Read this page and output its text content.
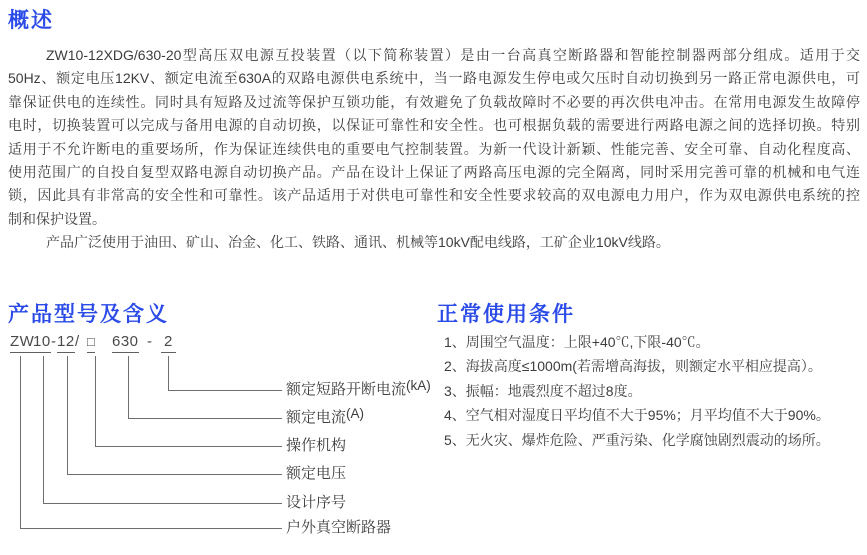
概述
ZW10-12XDG/630-20型高压双电源互投装置（以下简称装置）是由一台高真空断路器和智能控制器两部分组成。适用于交
50Hz、额定电压12KV、额定电流至630A的双路电源供电系统中，当一路电源发生停电或欠压时自动切换到另一路正常电源供电，可
靠保证供电的连续性。同时具有短路及过流等保护互锁功能，有效避免了负载故障时不必要的再次供电冲击。在常用电源发生故障停
电时，切换装置可以完成与备用电源的自动切换，以保证可靠性和安全性。也可根据负载的需要进行两路电源之间的选择切换。特别
适用于不允许断电的重要场所，作为保证连续供电的重要电气控制装置。为新一代设计新颖、性能完善、安全可靠、自动化程度高、
使用范围广的自投自复型双路电源自动切换产品。产品在设计上保证了两路高压电源的完全隔离，同时采用完善可靠的机械和电气连
锁，因此具有非常高的安全性和可靠性。该产品适用于对供电可靠性和安全性要求较高的双电源电力用户，作为双电源供电系统的控
制和保护设置。
产品广泛使用于油田、矿山、冶金、化工、铁路、通讯、机械等10kV配电线路，工矿企业10kV线路。
产品型号及含义
ZW
10 - 12 / □ 630 - 2
额定短路开断电流(kA)
额定电流(A)
操作机构
额定电压
设计序号
户外真空断路器
正常使用条件
1、周围空气温度：上限+40℃,下限-40℃。
2、海拔高度≤1000m(若需增高海拔，则额定水平相应提高）。
3、振幅：地震烈度不超过8度。
4、空气相对湿度日平均值不大于95%；月平均值不大于90%。
5、无火灾、爆炸危险、严重污染、化学腐蚀剧烈震动的场所。
